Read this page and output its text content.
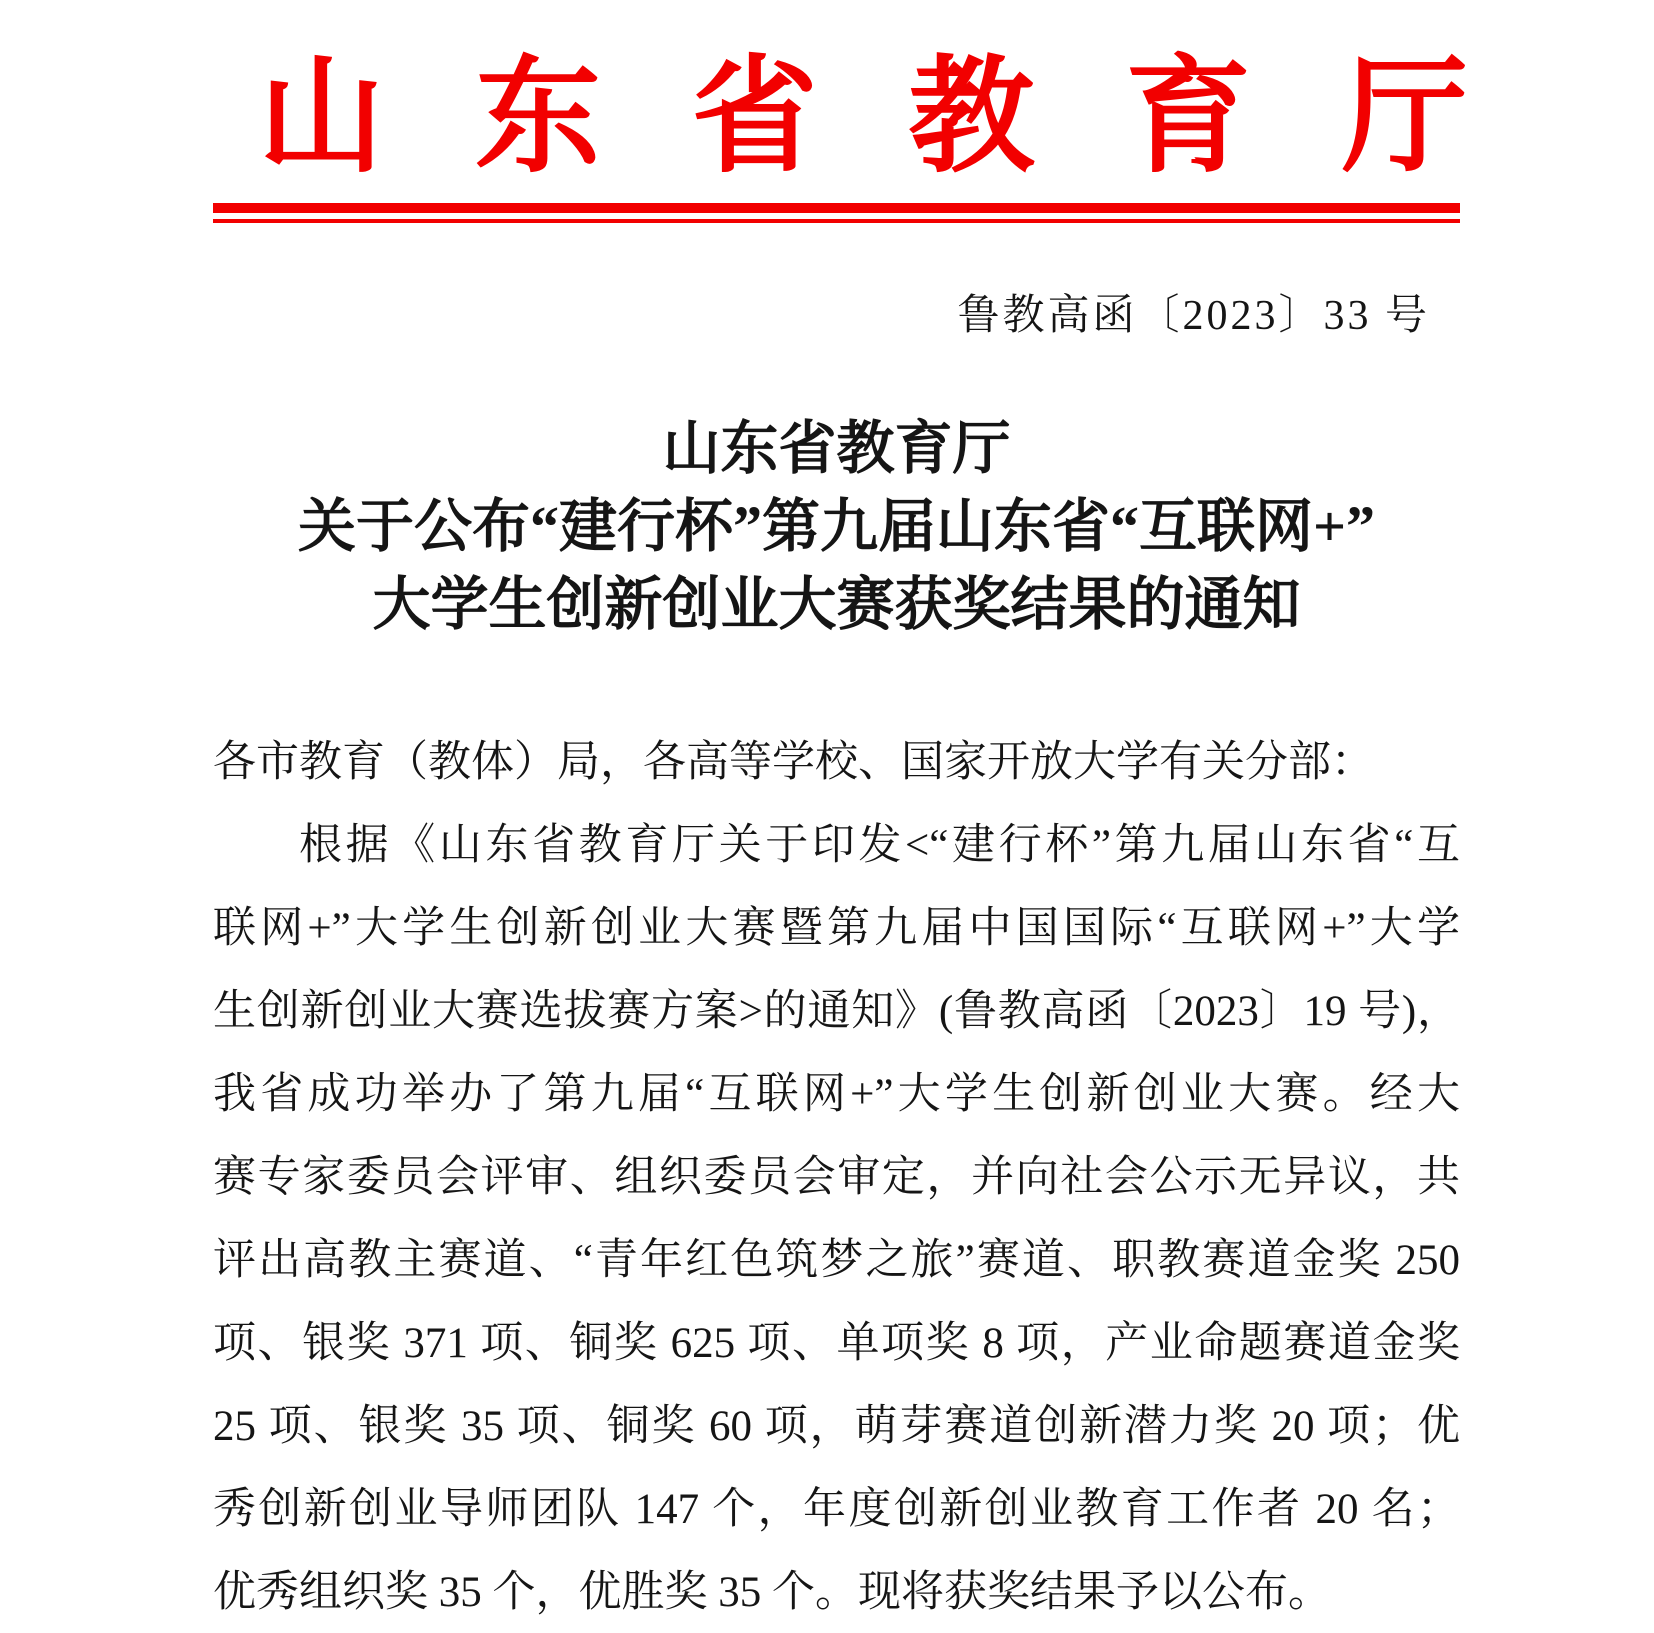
山东省教育厅
鲁教高函〔2023〕33 号
山东省教育厅
关于公布“建行杯”第九届山东省“互联网+”
大学生创新创业大赛获奖结果的通知

各市教育（教体）局，各高等学校、国家开放大学有关分部：

根据《山东省教育厅关于印发<“建行杯”第九届山东省“互

联网+”大学生创新创业大赛暨第九届中国国际“互联网+”大学

生创新创业大赛选拔赛方案>的通知》(鲁教高函〔2023〕19 号)，

我省成功举办了第九届“互联网+”大学生创新创业大赛。经大

赛专家委员会评审、组织委员会审定，并向社会公示无异议，共

评出高教主赛道、“青年红色筑梦之旅”赛道、职教赛道金奖 250

项、银奖 371 项、铜奖 625 项、单项奖 8 项，产业命题赛道金奖

25 项、银奖 35 项、铜奖 60 项，萌芽赛道创新潜力奖 20 项；优

秀创新创业导师团队 147 个，年度创新创业教育工作者 20 名；

优秀组织奖 35 个，优胜奖 35 个。现将获奖结果予以公布。
